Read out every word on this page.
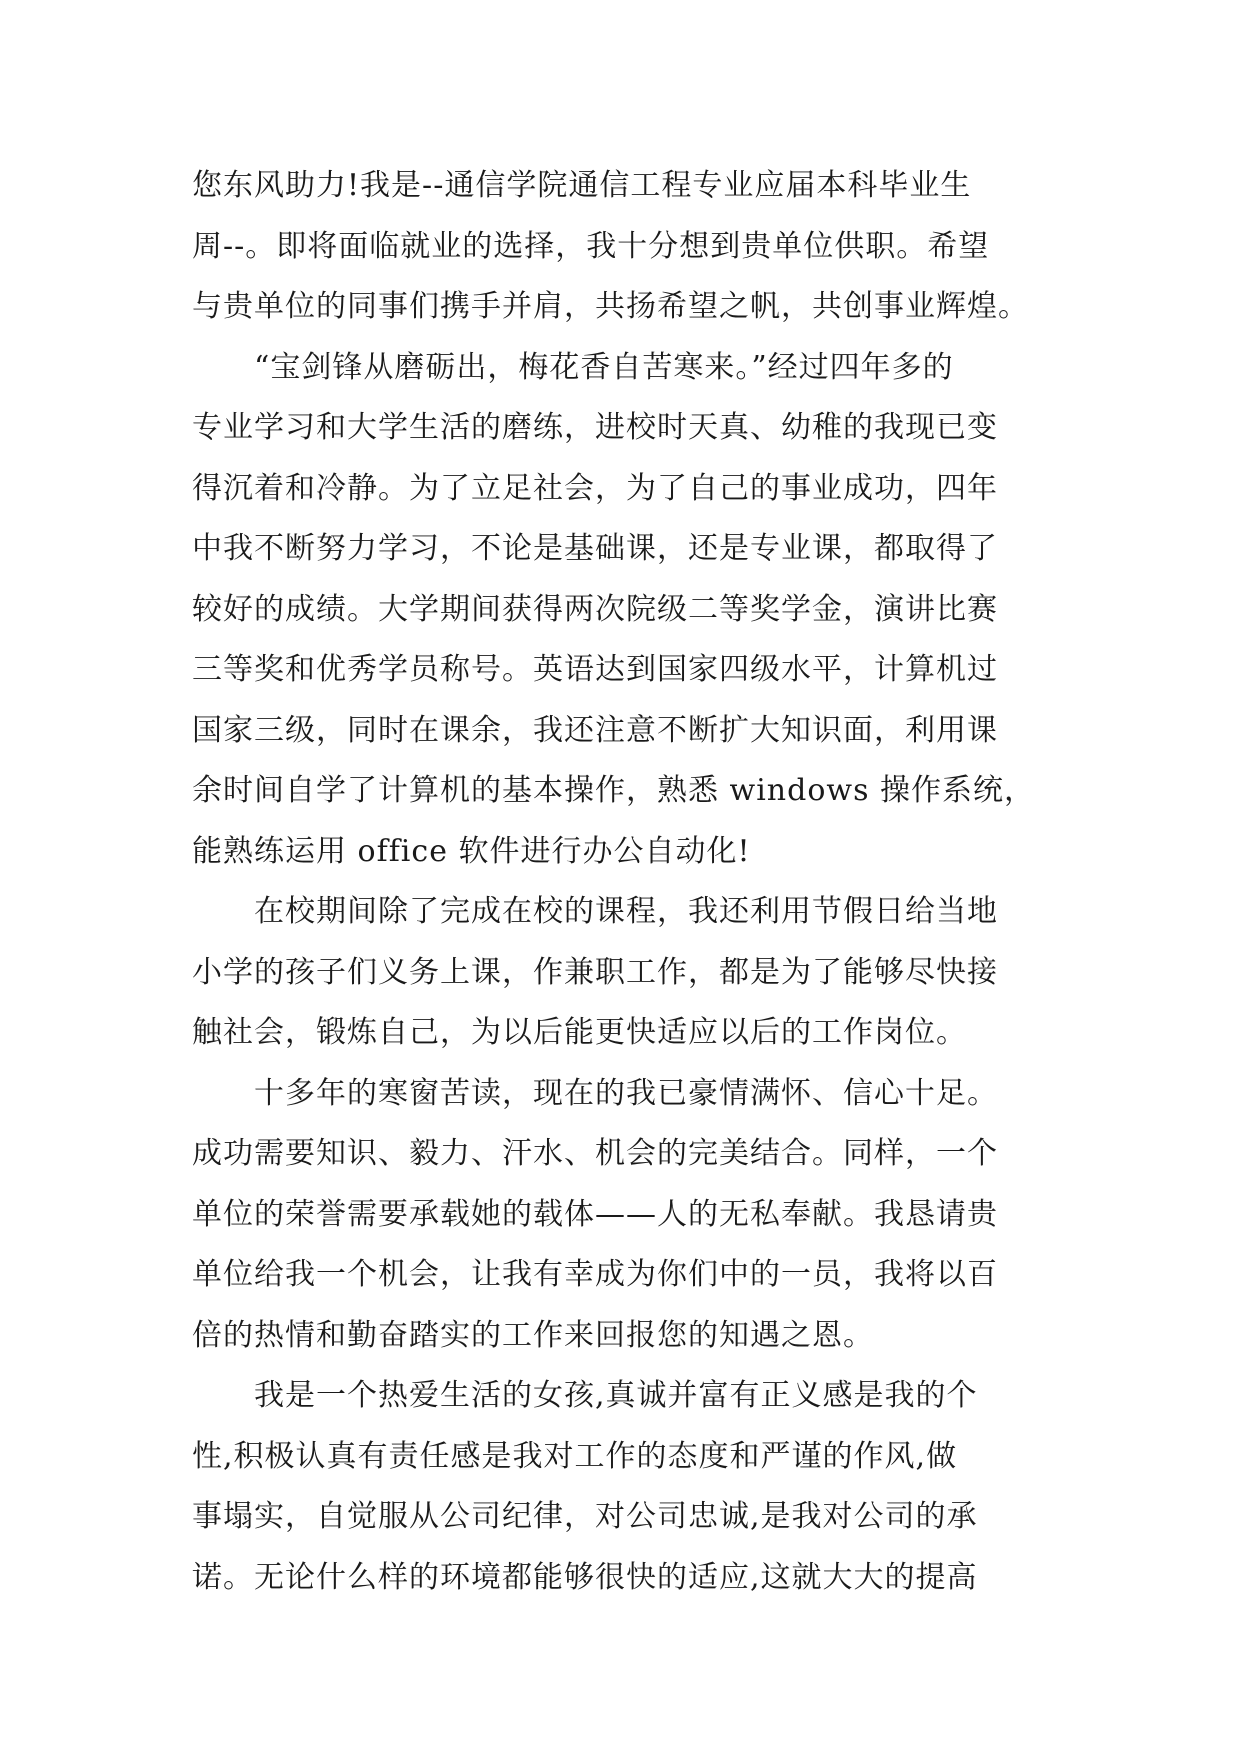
您东风助力!我是--通信学院通信工程专业应届本科毕业生
周--。即将面临就业的选择，我十分想到贵单位供职。希望
与贵单位的同事们携手并肩，共扬希望之帆，共创事业辉煌。
　　“宝剑锋从磨砺出，梅花香自苦寒来。”经过四年多的
专业学习和大学生活的磨练，进校时天真、幼稚的我现已变
得沉着和冷静。为了立足社会，为了自己的事业成功，四年
中我不断努力学习，不论是基础课，还是专业课，都取得了
较好的成绩。大学期间获得两次院级二等奖学金，演讲比赛
三等奖和优秀学员称号。英语达到国家四级水平，计算机过
国家三级，同时在课余，我还注意不断扩大知识面，利用课
余时间自学了计算机的基本操作，熟悉 windows 操作系统，
能熟练运用 office 软件进行办公自动化!
　　在校期间除了完成在校的课程，我还利用节假日给当地
小学的孩子们义务上课，作兼职工作，都是为了能够尽快接
触社会，锻炼自己，为以后能更快适应以后的工作岗位。
　　十多年的寒窗苦读，现在的我已豪情满怀、信心十足。
成功需要知识、毅力、汗水、机会的完美结合。同样，一个
单位的荣誉需要承载她的载体——人的无私奉献。我恳请贵
单位给我一个机会，让我有幸成为你们中的一员，我将以百
倍的热情和勤奋踏实的工作来回报您的知遇之恩。
　　我是一个热爱生活的女孩,真诚并富有正义感是我的个
性,积极认真有责任感是我对工作的态度和严谨的作风,做
事塌实，自觉服从公司纪律，对公司忠诚,是我对公司的承
诺。无论什么样的环境都能够很快的适应,这就大大的提高
